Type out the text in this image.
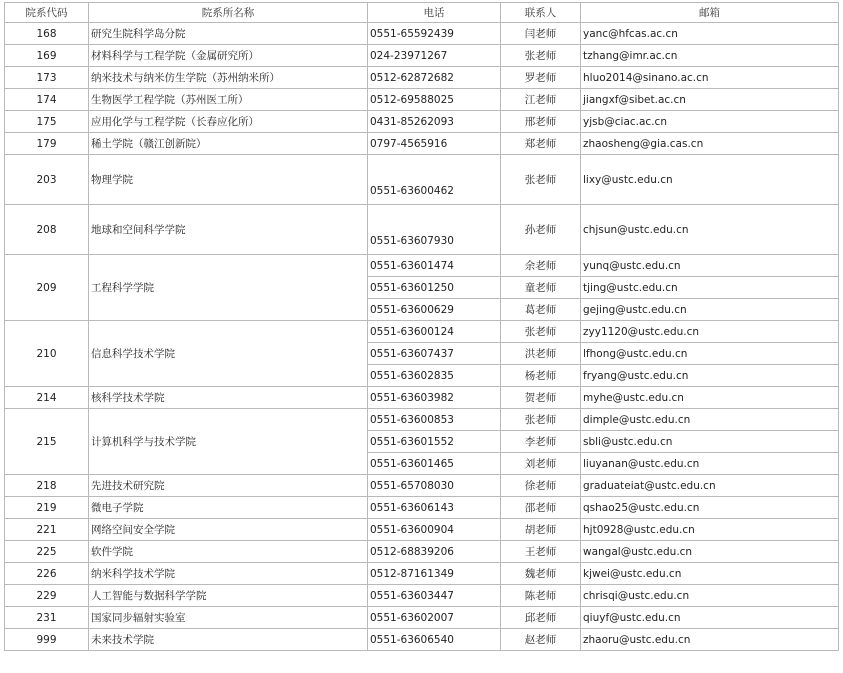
院系代码	院系所名称	电话	联系人	邮箱
168	研究生院科学岛分院	0551-65592439	闫老师	yanc@hfcas.ac.cn
169	材料科学与工程学院（金属研究所）	024-23971267	张老师	tzhang@imr.ac.cn
173	纳米技术与纳米仿生学院（苏州纳米所）	0512-62872682	罗老师	hluo2014@sinano.ac.cn
174	生物医学工程学院（苏州医工所）	0512-69588025	江老师	jiangxf@sibet.ac.cn
175	应用化学与工程学院（长春应化所）	0431-85262093	邢老师	yjsb@ciac.ac.cn
179	稀土学院（赣江创新院）	0797-4565916	郑老师	zhaosheng@gia.cas.cn
203	物理学院	0551-63600462	张老师	lixy@ustc.edu.cn
208	地球和空间科学学院	0551-63607930	孙老师	chjsun@ustc.edu.cn
209	工程科学学院	0551-63601474	余老师	yunq@ustc.edu.cn
		0551-63601250	童老师	tjing@ustc.edu.cn
		0551-63600629	葛老师	gejing@ustc.edu.cn
210	信息科学技术学院	0551-63600124	张老师	zyy1120@ustc.edu.cn
		0551-63607437	洪老师	lfhong@ustc.edu.cn
		0551-63602835	杨老师	fryang@ustc.edu.cn
214	核科学技术学院	0551-63603982	贺老师	myhe@ustc.edu.cn
215	计算机科学与技术学院	0551-63600853	张老师	dimple@ustc.edu.cn
		0551-63601552	李老师	sbli@ustc.edu.cn
		0551-63601465	刘老师	liuyanan@ustc.edu.cn
218	先进技术研究院	0551-65708030	徐老师	graduateiat@ustc.edu.cn
219	微电子学院	0551-63606143	邵老师	qshao25@ustc.edu.cn
221	网络空间安全学院	0551-63600904	胡老师	hjt0928@ustc.edu.cn
225	软件学院	0512-68839206	王老师	wangal@ustc.edu.cn
226	纳米科学技术学院	0512-87161349	魏老师	kjwei@ustc.edu.cn
229	人工智能与数据科学学院	0551-63603447	陈老师	chrisqi@ustc.edu.cn
231	国家同步辐射实验室	0551-63602007	邱老师	qiuyf@ustc.edu.cn
999	未来技术学院	0551-63606540	赵老师	zhaoru@ustc.edu.cn
